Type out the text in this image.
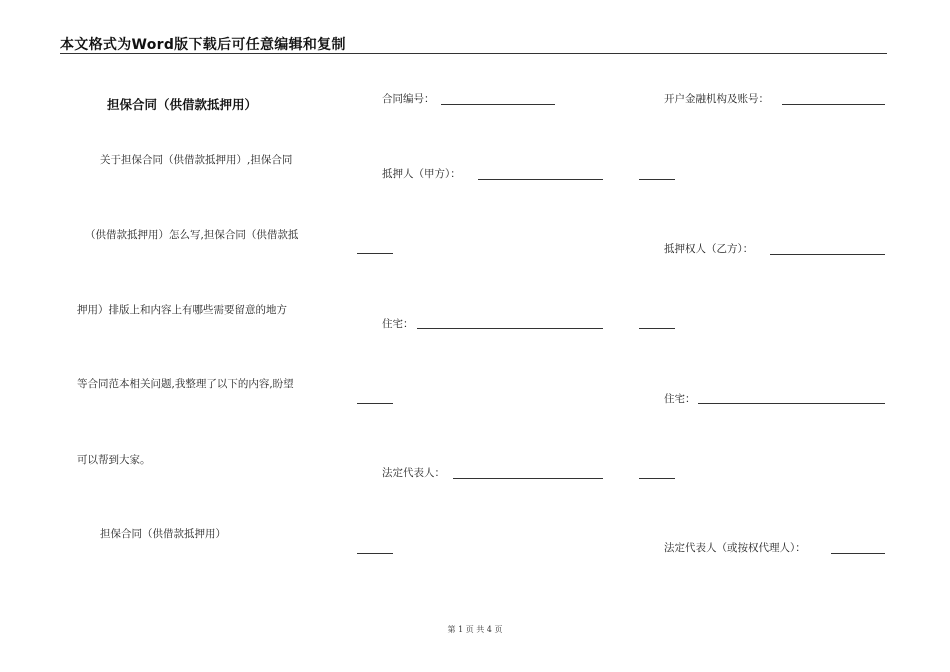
本文格式为Word版下载后可任意编辑和复制
担保合同（供借款抵押用）
关于担保合同（供借款抵押用）,担保合同
（供借款抵押用）怎么写,担保合同（供借款抵
押用）排版上和内容上有哪些需要留意的地方
等合同范本相关问题,我整理了以下的内容,盼望
可以帮到大家。
担保合同（供借款抵押用）
合同编号：
抵押人（甲方）：
住宅：
法定代表人：
开户金融机构及账号：
抵押权人（乙方）：
住宅：
法定代表人（或按权代理人）：
第 1 页 共 4 页
